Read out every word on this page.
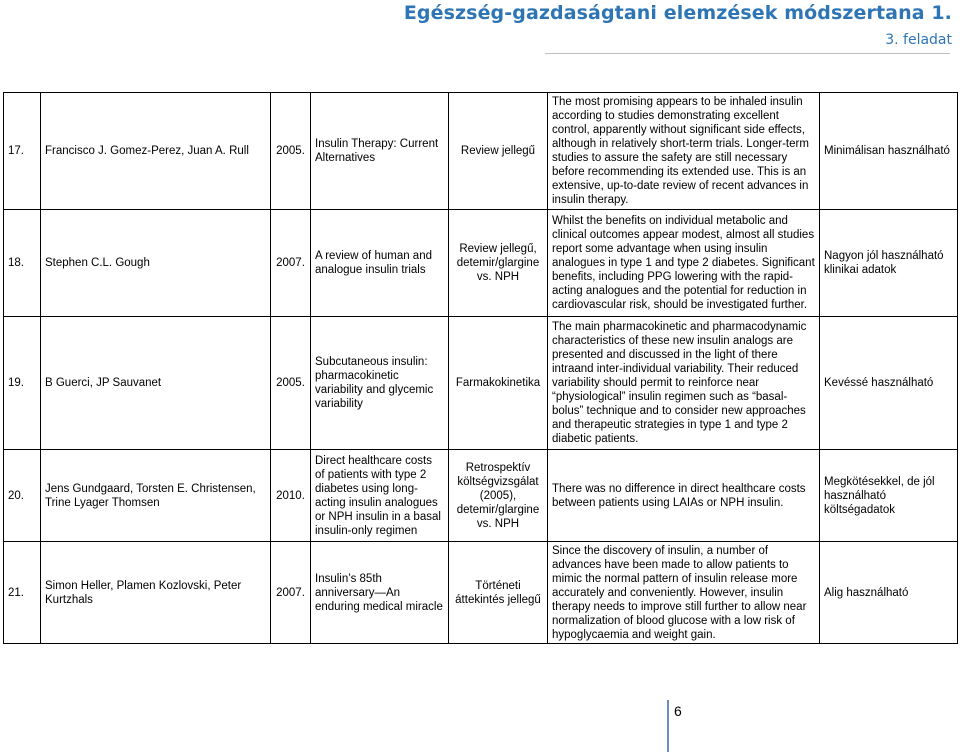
Egészség-gazdaságtani elemzések módszertana 1.
3. feladat
17.	Francisco J. Gomez-Perez, Juan A. Rull	2005.	Insulin Therapy: Current Alternatives	Review jellegű	The most promising appears to be inhaled insulin according to studies demonstrating excellent control, apparently without significant side effects, although in relatively short-term trials. Longer-term studies to assure the safety are still necessary before recommending its extended use. This is an extensive, up-to-date review of recent advances in insulin therapy.	Minimálisan használható
18.	Stephen C.L. Gough	2007.	A review of human and analogue insulin trials	Review jellegű, detemir/glargine vs. NPH	Whilst the benefits on individual metabolic and clinical outcomes appear modest, almost all studies report some advantage when using insulin analogues in type 1 and type 2 diabetes. Significant benefits, including PPG lowering with the rapid-acting analogues and the potential for reduction in cardiovascular risk, should be investigated further.	Nagyon jól használható klinikai adatok
19.	B Guerci, JP Sauvanet	2005.	Subcutaneous insulin: pharmacokinetic variability and glycemic variability	Farmakokinetika	The main pharmacokinetic and pharmacodynamic characteristics of these new insulin analogs are presented and discussed in the light of there intraand inter-individual variability. Their reduced variability should permit to reinforce near “physiological” insulin regimen such as “basal-bolus” technique and to consider new approaches and therapeutic strategies in type 1 and type 2 diabetic patients.	Kevéssé használható
20.	Jens Gundgaard, Torsten E. Christensen, Trine Lyager Thomsen	2010.	Direct healthcare costs of patients with type 2 diabetes using long-acting insulin analogues or NPH insulin in a basal insulin-only regimen	Retrospektív költségvizsgálat (2005), detemir/glargine vs. NPH	There was no difference in direct healthcare costs between patients using LAIAs or NPH insulin.	Megkötésekkel, de jól használható költségadatok
21.	Simon Heller, Plamen Kozlovski, Peter Kurtzhals	2007.	Insulin’s 85th anniversary—An enduring medical miracle	Történeti áttekintés jellegű	Since the discovery of insulin, a number of advances have been made to allow patients to mimic the normal pattern of insulin release more accurately and conveniently. However, insulin therapy needs to improve still further to allow near normalization of blood glucose with a low risk of hypoglycaemia and weight gain.	Alig használható
6
